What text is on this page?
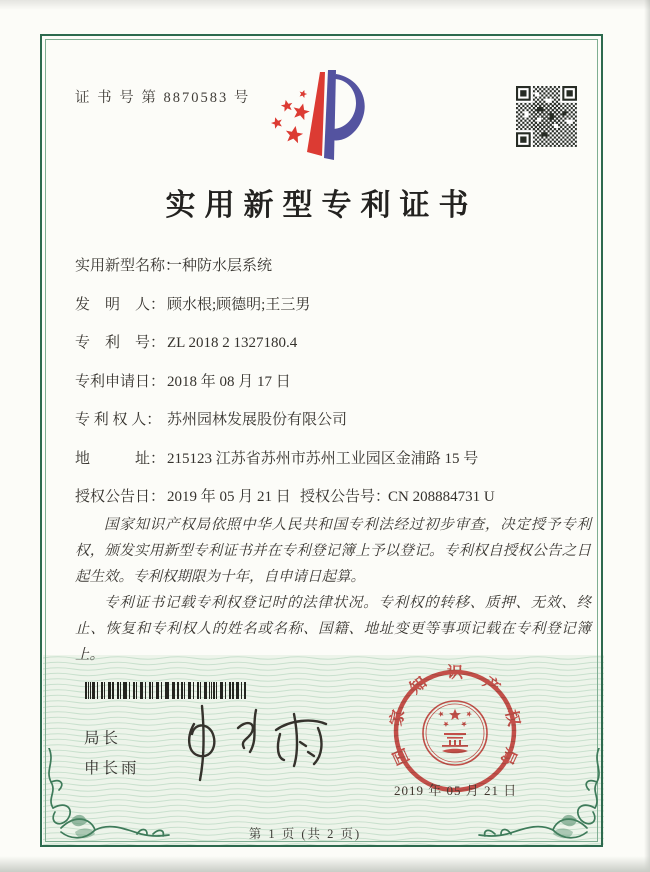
证 书 号 第 8870583 号
实用新型专利证书
实用新型名称：一种防水层系统
发　明　人： 顾水根;顾德明;王三男
专　利　号： ZL 2018 2 1327180.4
专利申请日： 2018 年 08 月 17 日
专 利 权 人： 苏州园林发展股份有限公司
地　　　址： 215123 江苏省苏州市苏州工业园区金浦路 15 号
授权公告日： 2019 年 05 月 21 日 授权公告号：CN 208884731 U

国家知识产权局依照中华人民共和国专利法经过初步审查，决定授予专利权，颁发实用新型专利证书并在专利登记簿上予以登记。专利权自授权公告之日起生效。专利权期限为十年，自申请日起算。

专利证书记载专利权登记时的法律状况。专利权的转移、质押、无效、终止、恢复和专利权人的姓名或名称、国籍、地址变更等事项记载在专利登记簿上。

局长
申长雨
国家知识产权局
2019 年 05 月 21 日
第 1 页 (共 2 页)
